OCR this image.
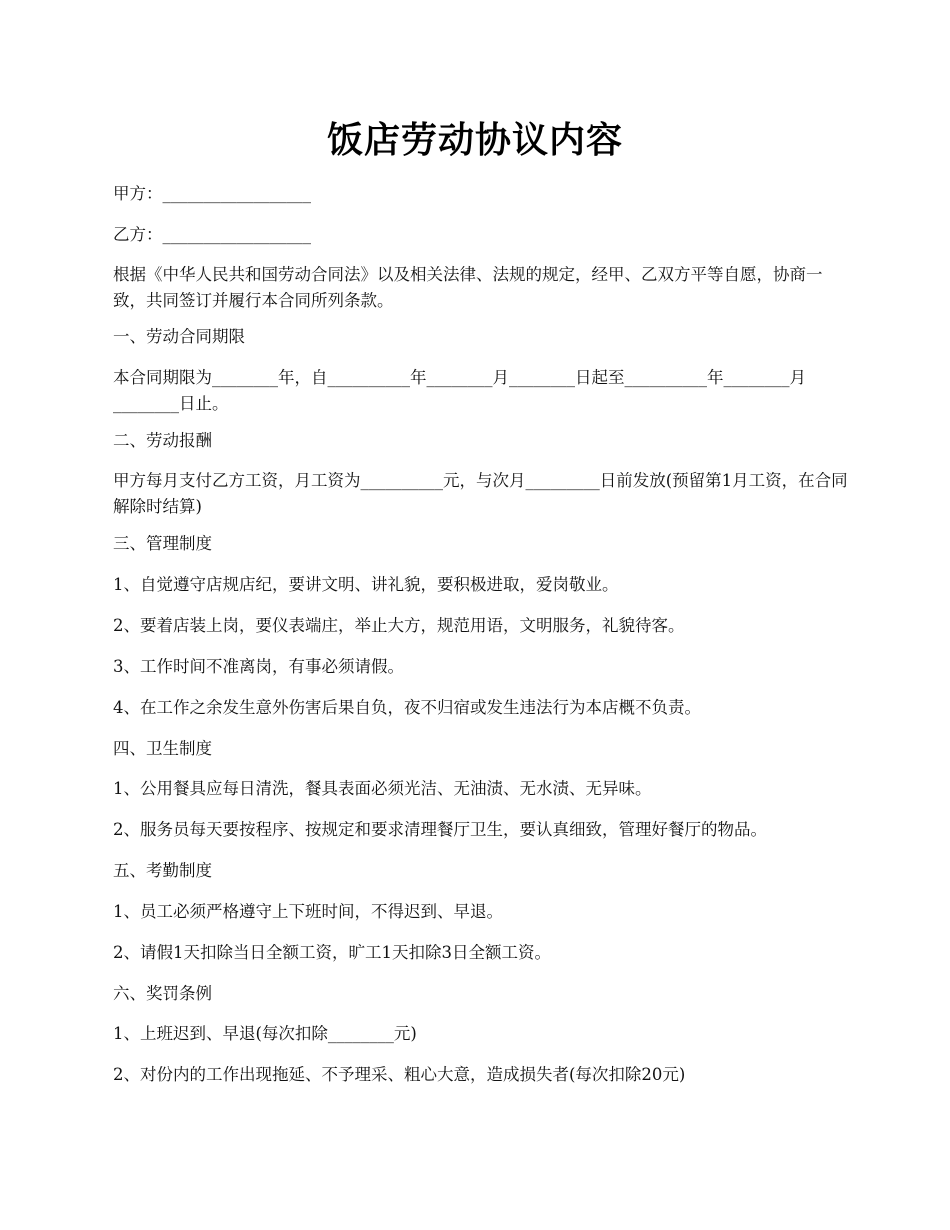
饭店劳动协议内容

甲方：__________________

乙方：__________________

根据《中华人民共和国劳动合同法》以及相关法律、法规的规定，经甲、乙双方平等自愿，协商一致，共同签订并履行本合同所列条款。

一、劳动合同期限

本合同期限为________年，自__________年________月________日起至__________年________月________日止。

二、劳动报酬

甲方每月支付乙方工资，月工资为__________元，与次月_________日前发放(预留第1月工资，在合同解除时结算)

三、管理制度

1、自觉遵守店规店纪，要讲文明、讲礼貌，要积极进取，爱岗敬业。

2、要着店装上岗，要仪表端庄，举止大方，规范用语，文明服务，礼貌待客。

3、工作时间不准离岗，有事必须请假。

4、在工作之余发生意外伤害后果自负，夜不归宿或发生违法行为本店概不负责。

四、卫生制度

1、公用餐具应每日清洗，餐具表面必须光洁、无油渍、无水渍、无异味。

2、服务员每天要按程序、按规定和要求清理餐厅卫生，要认真细致，管理好餐厅的物品。

五、考勤制度

1、员工必须严格遵守上下班时间，不得迟到、早退。

2、请假1天扣除当日全额工资，旷工1天扣除3日全额工资。

六、奖罚条例

1、上班迟到、早退(每次扣除________元)

2、对份内的工作出现拖延、不予理采、粗心大意，造成损失者(每次扣除20元)
